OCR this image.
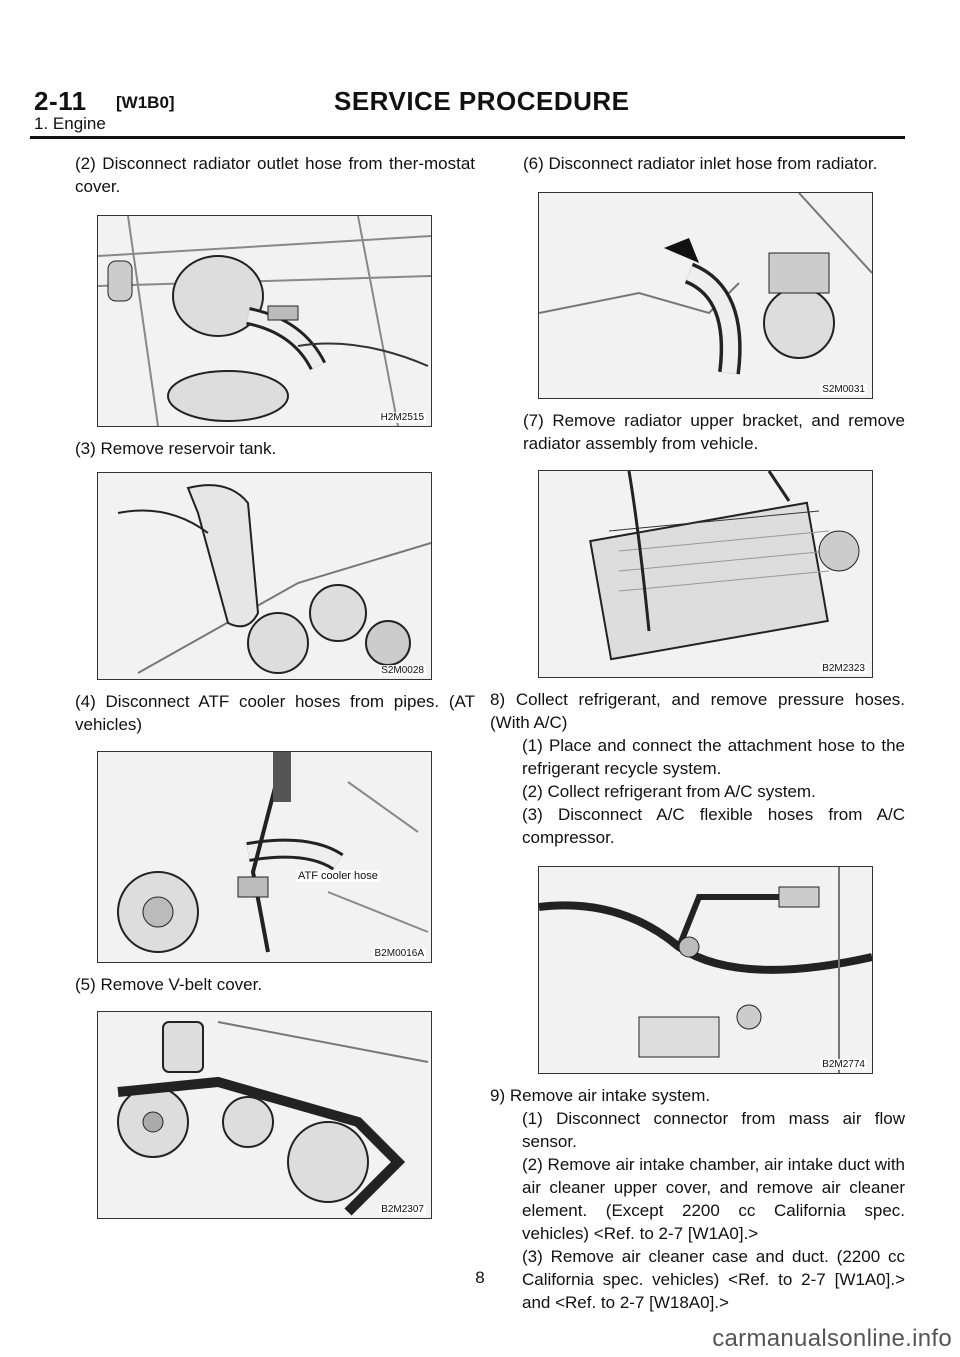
2-11 [W1B0]	SERVICE PROCEDURE
1. Engine

(2) Disconnect radiator outlet hose from ther-mostat cover.

H2M2515

(3) Remove reservoir tank.

S2M0028

(4) Disconnect ATF cooler hoses from pipes. (AT vehicles)

ATF cooler hose
B2M0016A

(5) Remove V-belt cover.

B2M2307

(6) Disconnect radiator inlet hose from radiator.

S2M0031

(7) Remove radiator upper bracket, and remove radiator assembly from vehicle.

B2M2323

8) Collect refrigerant, and remove pressure hoses. (With A/C)

(1) Place and connect the attachment hose to the refrigerant recycle system.

(2) Collect refrigerant from A/C system.

(3) Disconnect A/C flexible hoses from A/C compressor.

B2M2774

9) Remove air intake system.

(1) Disconnect connector from mass air flow sensor.

(2) Remove air intake chamber, air intake duct with air cleaner upper cover, and remove air cleaner element. (Except 2200 cc California spec. vehicles) <Ref. to 2-7 [W1A0].>

(3) Remove air cleaner case and duct. (2200 cc California spec. vehicles) <Ref. to 2-7 [W1A0].> and <Ref. to 2-7 [W18A0].>

8
carmanualsonline.info
